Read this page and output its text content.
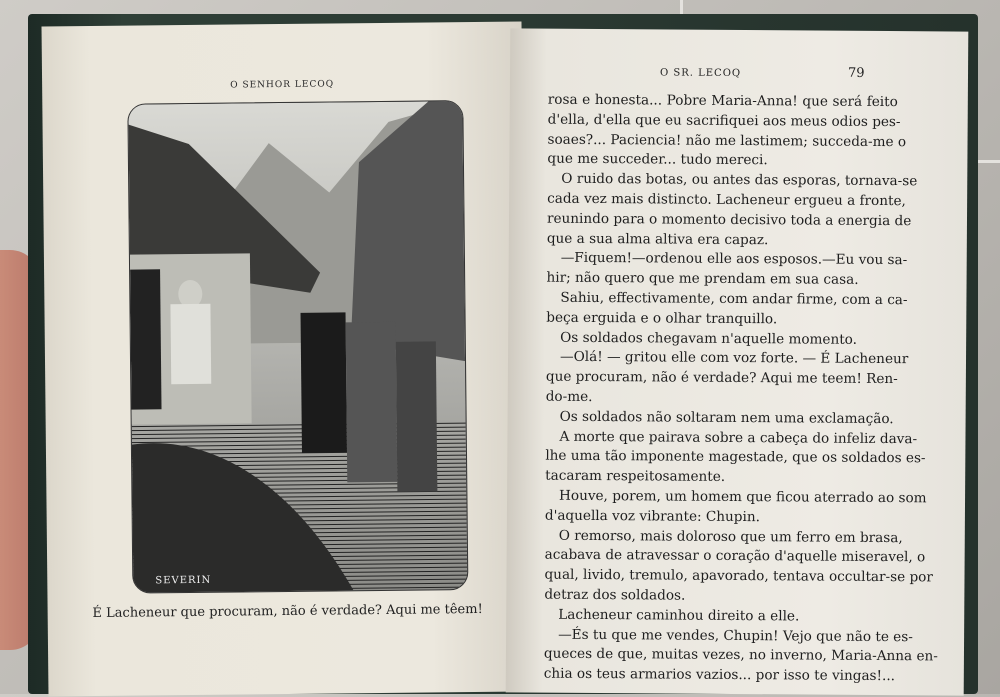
O SENHOR LECOQ
SEVERIN
É Lacheneur que procuram, não é verdade? Aqui me têem!
O SR. LECOQ	79
rosa e honesta... Pobre Maria-Anna! que será feito
d'ella, d'ella que eu sacrifiquei aos meus odios pes-
soaes?... Paciencia! não me lastimem; succeda-me o
que me succeder... tudo mereci.
O ruido das botas, ou antes das esporas, tornava-se
cada vez mais distincto. Lacheneur ergueu a fronte,
reunindo para o momento decisivo toda a energia de
que a sua alma altiva era capaz.
—Fiquem!—ordenou elle aos esposos.—Eu vou sa-
hir; não quero que me prendam em sua casa.
Sahiu, effectivamente, com andar firme, com a ca-
beça erguida e o olhar tranquillo.
Os soldados chegavam n'aquelle momento.
—Olá! — gritou elle com voz forte. — É Lacheneur
que procuram, não é verdade? Aqui me teem! Ren-
do-me.
Os soldados não soltaram nem uma exclamação.
A morte que pairava sobre a cabeça do infeliz dava-
lhe uma tão imponente magestade, que os soldados es-
tacaram respeitosamente.
Houve, porem, um homem que ficou aterrado ao som
d'aquella voz vibrante: Chupin.
O remorso, mais doloroso que um ferro em brasa,
acabava de atravessar o coração d'aquelle miseravel, o
qual, livido, tremulo, apavorado, tentava occultar-se por
detraz dos soldados.
Lacheneur caminhou direito a elle.
—És tu que me vendes, Chupin! Vejo que não te es-
queces de que, muitas vezes, no inverno, Maria-Anna en-
chia os teus armarios vazios... por isso te vingas!...
